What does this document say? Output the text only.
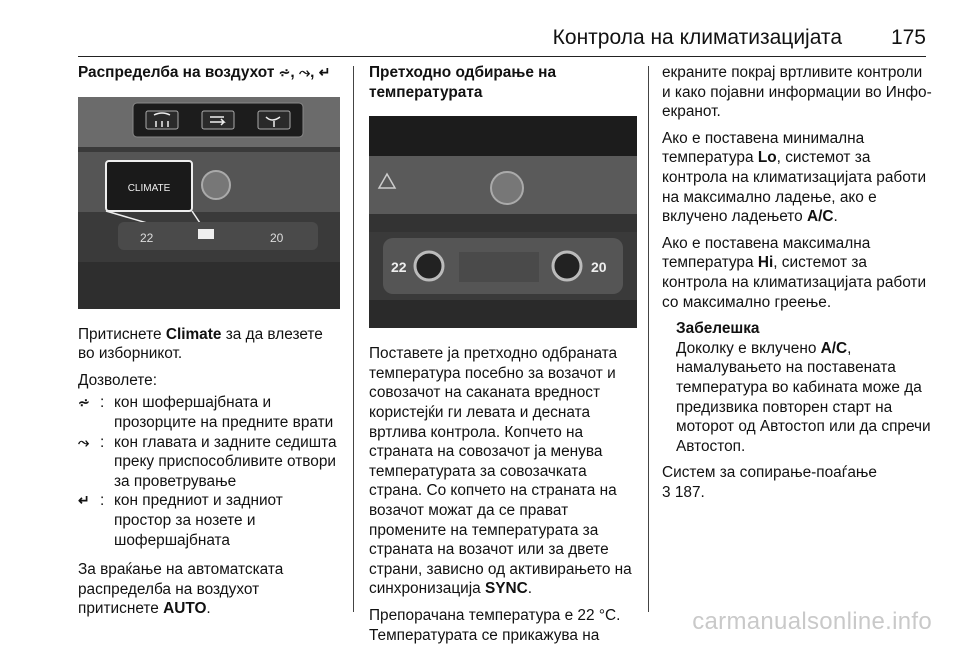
Контрола на климатизацијата 175
Распределба на воздухот ⩫, ⤳, ↵
CLIMATE
22	20

Притиснете Climate за да влезете во изборникот.

Дозволете:

⩫ : кон шофершајбната и прозорците на предните врати
⤳ : кон главата и задните седишта преку приспособливите отвори за проветрување
↵ : кон предниот и задниот простор за нозете и шофершајбната

За враќање на автоматската распределба на воздухот притиснете AUTO.

Претходно одбирање на температурата
22	20

Поставете ја претходно одбраната температура посебно за возачот и совозачот на саканата вредност користејќи ги левата и десната вртлива контрола. Копчето на страната на совозачот ја менува температурата за совозачката страна. Со копчето на страната на возачот можат да се прават промените на температурата за страната на возачот или за двете страни, зависно од активирањето на синхронизација SYNC.

Препорачана температура е 22 °C. Температурата се прикажува на

екраните покрај вртливите контроли и како појавни информации во Инфо-екранот.

Ако е поставена минимална температура Lo, системот за контрола на климатизацијата работи на максимално ладење, ако е вклучено ладењето A/C.

Ако е поставена максимална температура Hi, системот за контрола на климатизацијата работи со максимално греење.

Забелешка
Доколку е вклучено A/C, намалувањето на поставената температура во кабината може да предизвика повторен старт на моторот од Автостоп или да спречи Автостоп.

Систем за сопирање-поаѓање
3 187.

carmanualsonline.info
